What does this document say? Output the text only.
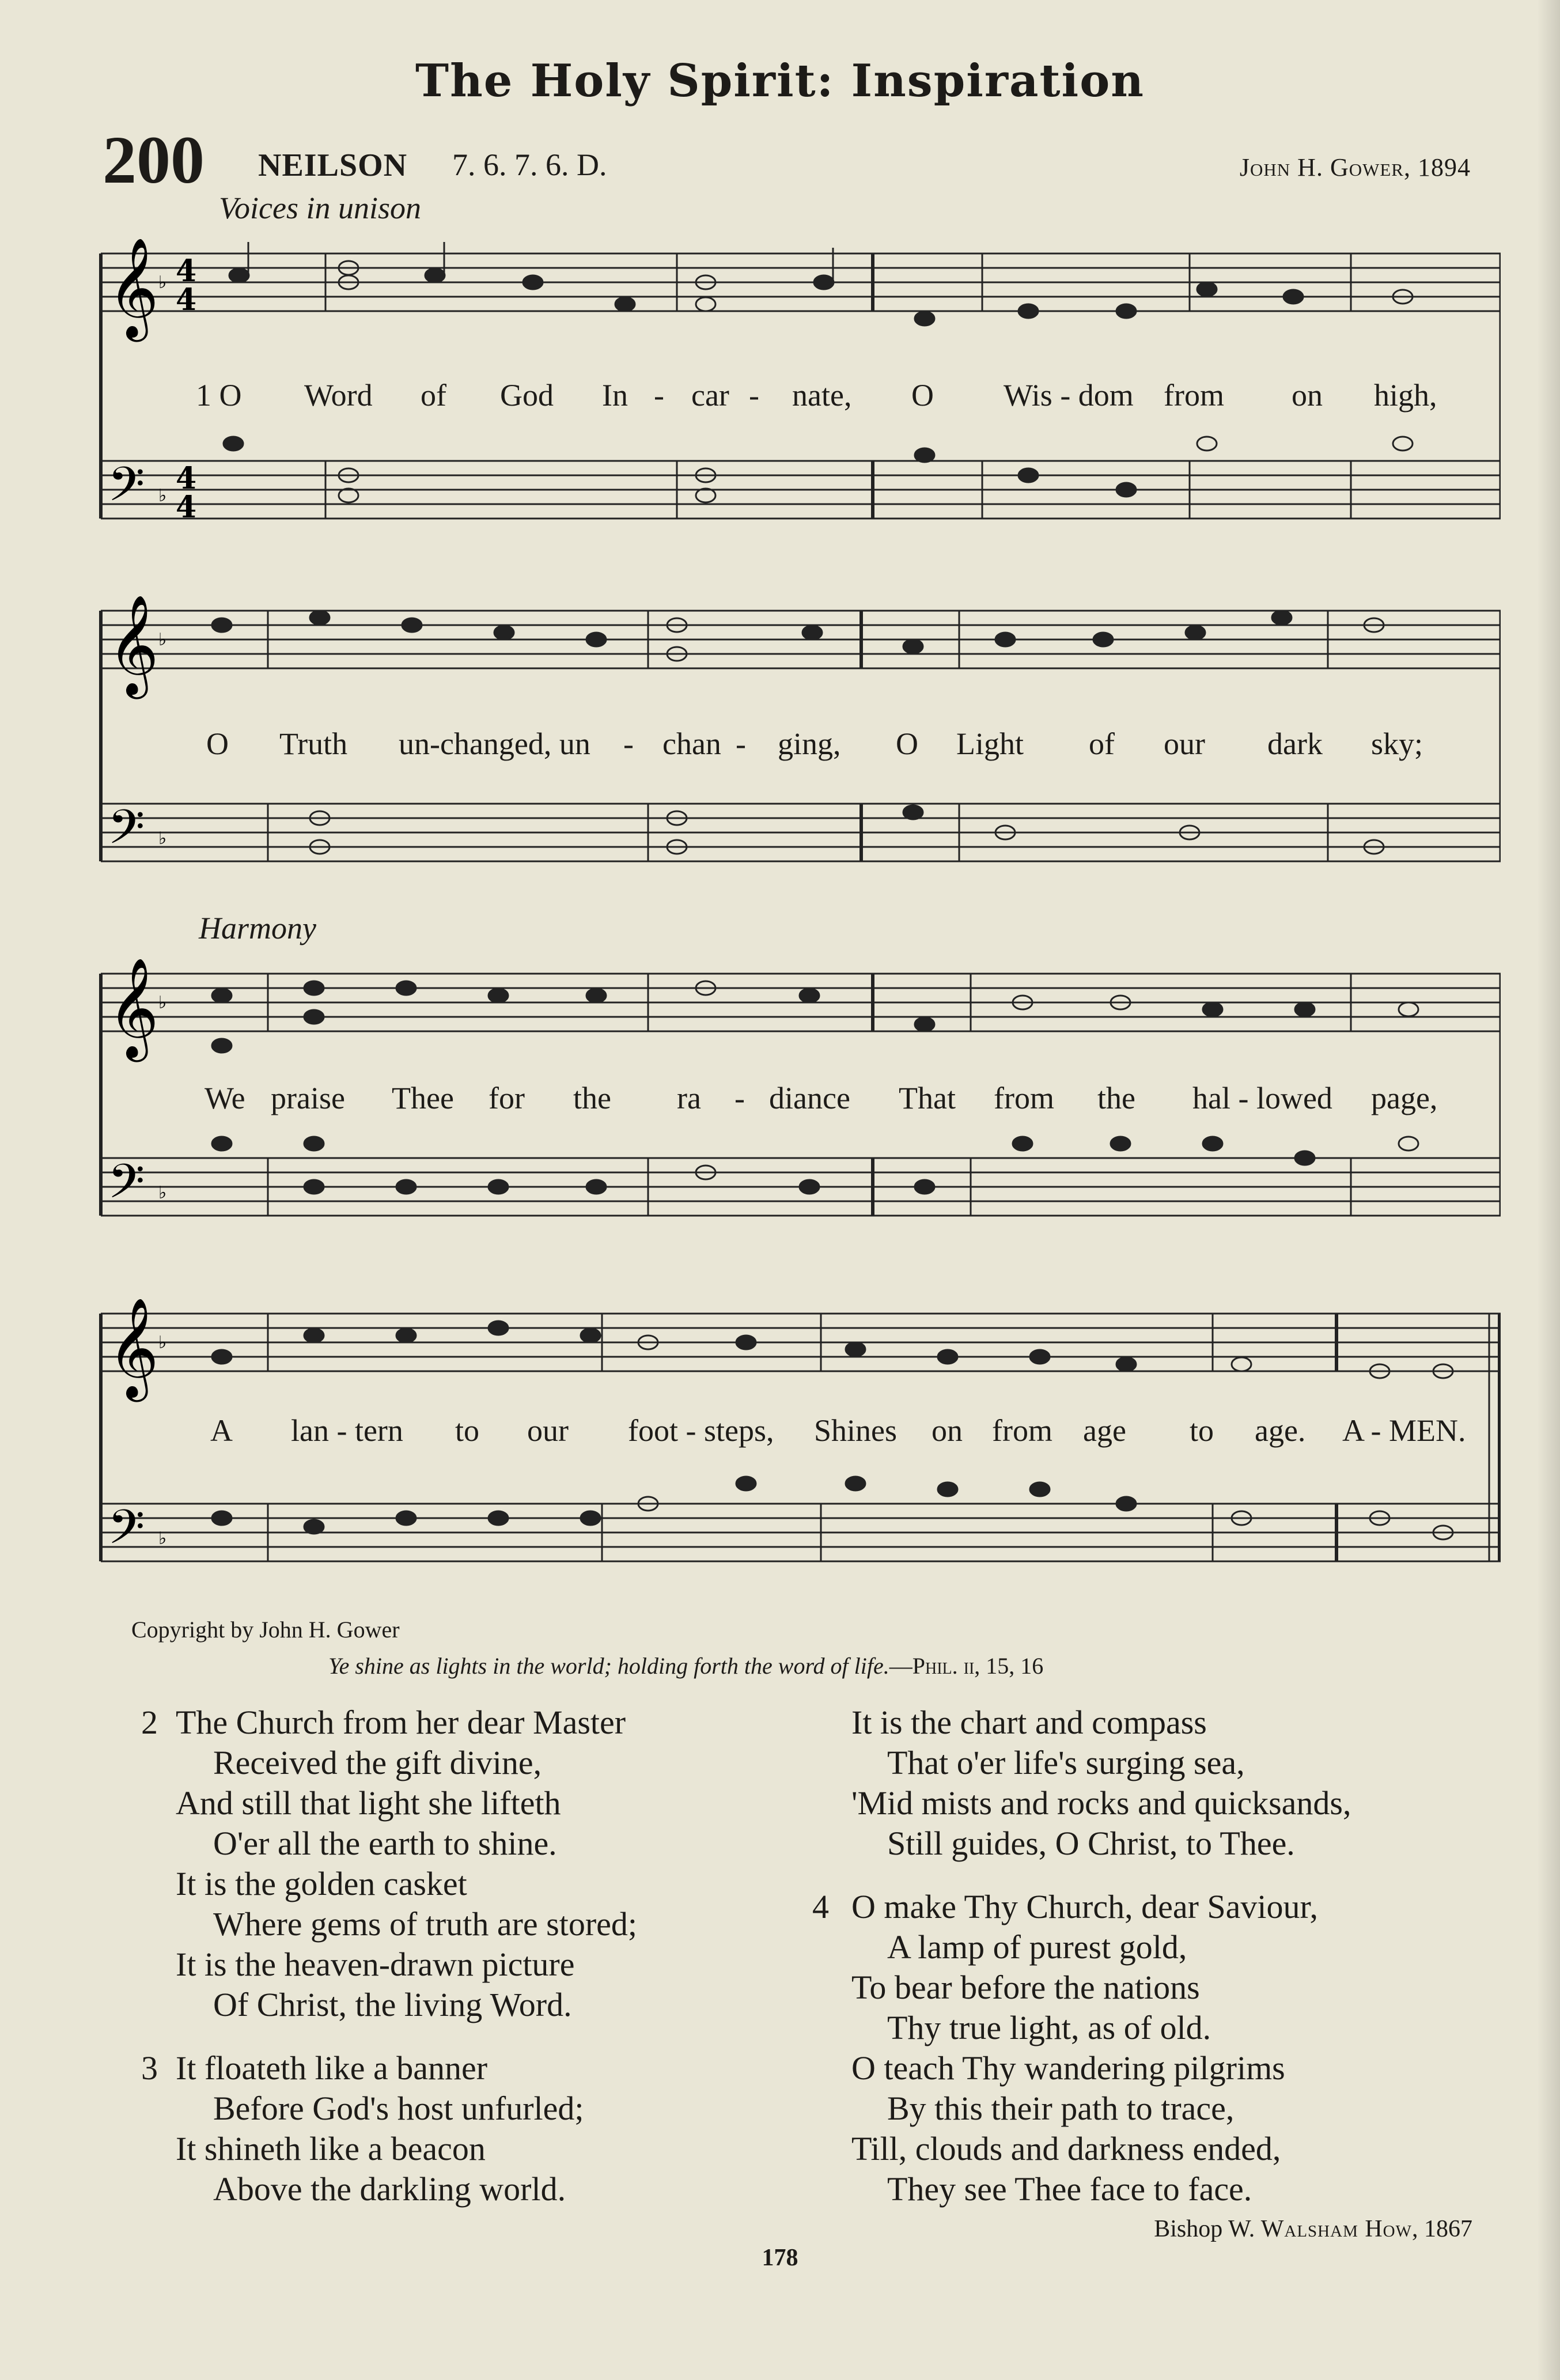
The Holy Spirit: Inspiration
200 NEILSON 7. 6. 7. 6. D.	John H. Gower, 1894
Voices in unison
Harmony
𝄞
𝄢
♭
♭
4
4
4
4
1 O Word of God In - car - nate, O Wis - dom from on high,
𝄞
𝄢
♭
♭
O Truth un-changed, un - chan - ging, O Light of our dark sky;
𝄞
𝄢
♭
♭
We praise Thee for the ra - diance That from the hal - lowed page,
𝄞
𝄢
♭
♭
A lan - tern to our foot - steps, Shines on from age to age. A - MEN.
Copyright by John H. Gower
Ye shine as lights in the world; holding forth the word of life.—Phil. ii, 15, 16
2 The Church from her dear Master
Received the gift divine,
And still that light she lifteth
O'er all the earth to shine.
It is the golden casket
Where gems of truth are stored;
It is the heaven-drawn picture
Of Christ, the living Word.
3 It floateth like a banner
Before God's host unfurled;
It shineth like a beacon
Above the darkling world.
It is the chart and compass
That o'er life's surging sea,
'Mid mists and rocks and quicksands,
Still guides, O Christ, to Thee.
4 O make Thy Church, dear Saviour,
A lamp of purest gold,
To bear before the nations
Thy true light, as of old.
O teach Thy wandering pilgrims
By this their path to trace,
Till, clouds and darkness ended,
They see Thee face to face.
Bishop W. Walsham How, 1867
178
